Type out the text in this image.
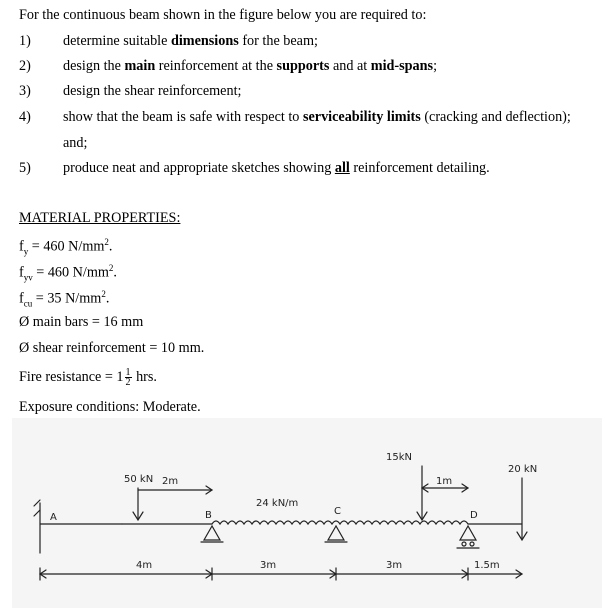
For the continuous beam shown in the figure below you are required to:
1) determine suitable dimensions for the beam;
2) design the main reinforcement at the supports and at mid-spans;
3) design the shear reinforcement;
4) show that the beam is safe with respect to serviceability limits (cracking and deflection);
and;
5) produce neat and appropriate sketches showing all reinforcement detailing.
MATERIAL PROPERTIES:
$f_y = 460$ $N/mm^2$.
$f_{yv} = 460$ $N/mm^2$.
$f_{cu} = 35$ $N/mm^2$.
Ø main bars = 16 mm
Ø shear reinforcement = 10 mm.
Fire resistance = $1 \frac{1}{2}$ hrs.
Exposure conditions: Moderate.
50 kN 2m
24 kN/m
15kN
1m
20 kN
A	B	C	D
4m	3m	3m	1.5m
